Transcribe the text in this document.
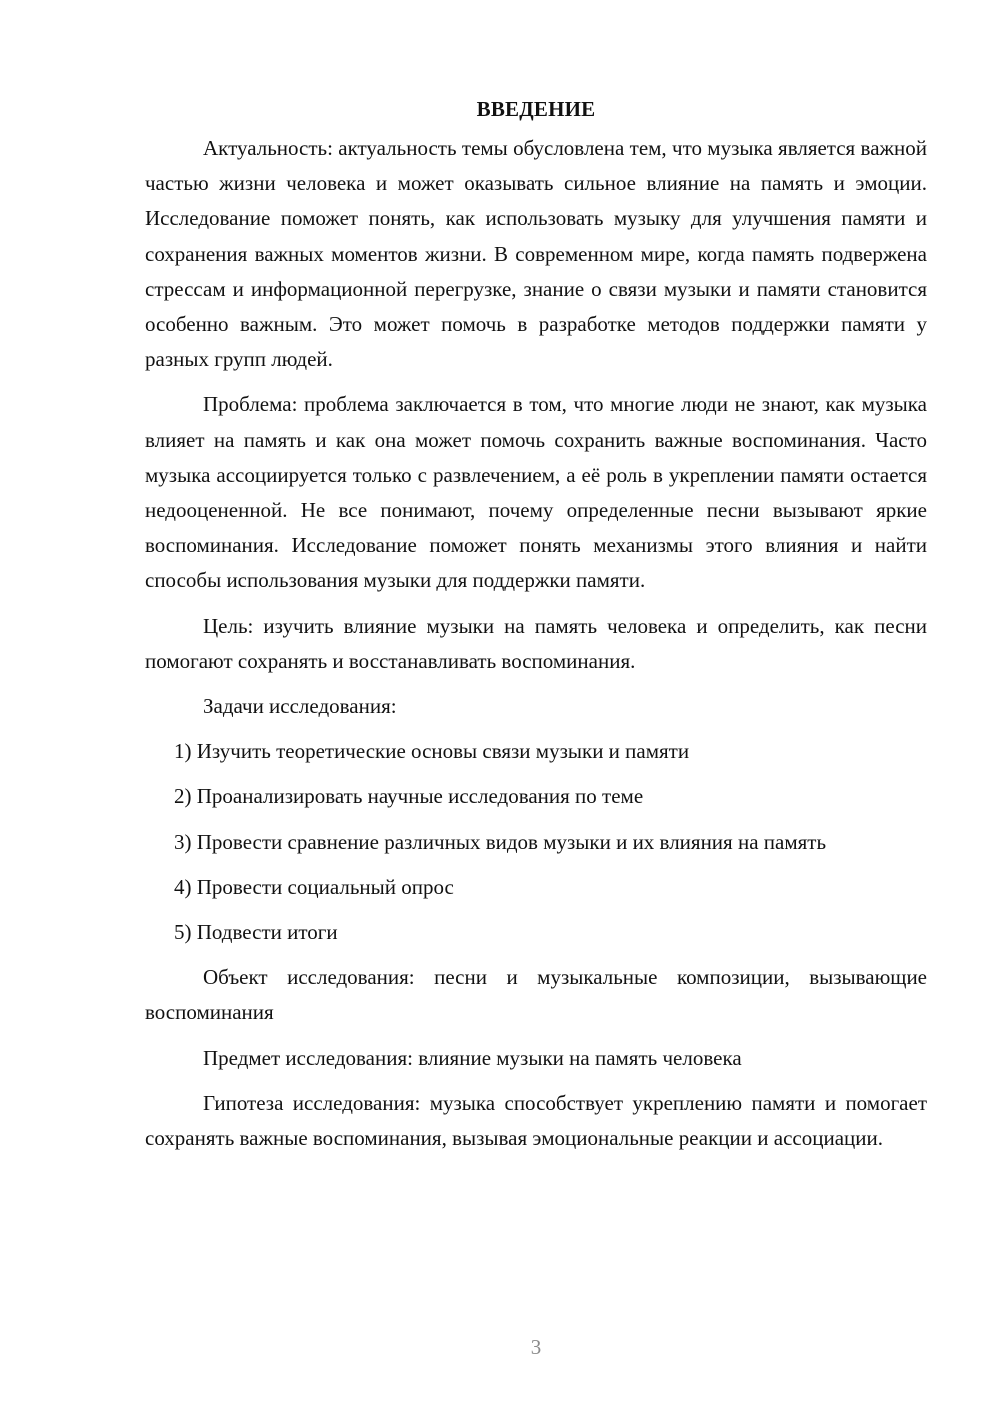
ВВЕДЕНИЕ

Актуальность: актуальность темы обусловлена тем, что музыка является важной частью жизни человека и может оказывать сильное влияние на память и эмоции. Исследование поможет понять, как использовать музыку для улучшения памяти и сохранения важных моментов жизни. В современном мире, когда память подвержена стрессам и информационной перегрузке, знание о связи музыки и памяти становится особенно важным. Это может помочь в разработке методов поддержки памяти у разных групп людей.

Проблема: проблема заключается в том, что многие люди не знают, как музыка влияет на память и как она может помочь сохранить важные воспоминания. Часто музыка ассоциируется только с развлечением, а её роль в укреплении памяти остается недооцененной. Не все понимают, почему определенные песни вызывают яркие воспоминания. Исследование поможет понять механизмы этого влияния и найти способы использования музыки для поддержки памяти.

Цель: изучить влияние музыки на память человека и определить, как песни помогают сохранять и восстанавливать воспоминания.

Задачи исследования:

1) Изучить теоретические основы связи музыки и памяти

2) Проанализировать научные исследования по теме

3) Провести сравнение различных видов музыки и их влияния на память

4) Провести социальный опрос

5) Подвести итоги

Объект исследования: песни и музыкальные композиции, вызывающие воспоминания

Предмет исследования: влияние музыки на память человека

Гипотеза исследования: музыка способствует укреплению памяти и помогает сохранять важные воспоминания, вызывая эмоциональные реакции и ассоциации.

3
